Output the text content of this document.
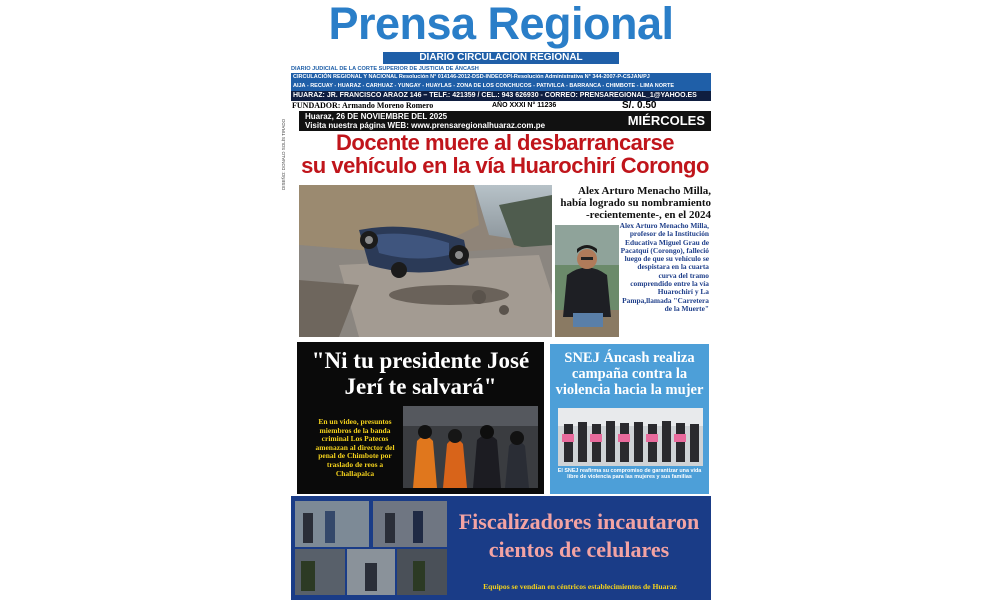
Prensa Regional
DIARIO CIRCULACIÓN REGIONAL
DIARIO JUDICIAL DE LA CORTE SUPERIOR DE JUSTICIA DE ÁNCASH
CIRCULACIÓN REGIONAL Y NACIONAL Resolución N° 014146-2012-DSD-INDECOPI-Resolución Administrativa N° 344-2007-P-CSJAN/PJ
AIJA - RECUAY - HUARAZ - CARHUAZ - YUNGAY - HUAYLAS - ZONA DE LOS CONCHUCOS - PATIVILCA - BARRANCA - CHIMBOTE - LIMA NORTE
HUARAZ: JR. FRANCISCO ARAOZ 146 – TELF.: 421359 / CEL.: 943 626930 - CORREO: PRENSAREGIONAL_1@YAHOO.ES
FUNDADOR: Armando Moreno Romero	AÑO XXXI N° 11236	S/. 0.50
Huaraz, 26 DE NOVIEMBRE DEL 2025
Visita nuestra página WEB: www.prensaregionalhuaraz.com.pe	MIÉRCOLES
DISEÑO: DONALD SOLÍS TIRADO	Docente muere al desbarrancarse
su vehículo en la vía Huarochirí Corongo
Alex Arturo Menacho Milla, había logrado su nombramiento -recientemente-, en el 2024
Alex Arturo Menacho Milla, profesor de la Institución Educativa Miguel Grau de Pacatquí (Corongo), falleció luego de que su vehículo se despistara en la cuarta curva del tramo comprendido entre la vía Huarochirí y La Pampa,llamada "Carretera de la Muerte"
"Ni tu presidente José Jerí te salvará"
En un video, presuntos miembros de la banda criminal Los Patecos amenazan al director del penal de Chimbote por traslado de reos a Challapalca
SNEJ Áncash realiza campaña contra la violencia hacia la mujer
El SNEJ reafirma su compromiso de garantizar una vida libre de violencia para las mujeres y sus familias
Fiscalizadores incautaron cientos de celulares
Equipos se vendían en céntricos establecimientos de Huaraz
